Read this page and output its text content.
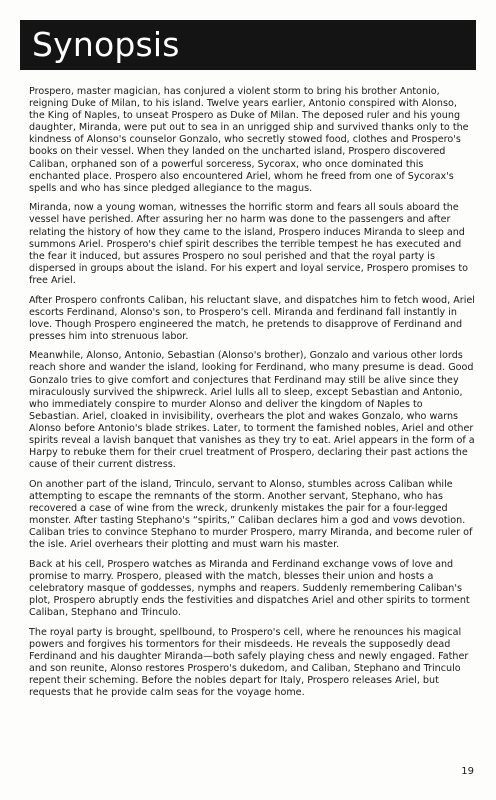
Synopsis

Prospero, master magician, has conjured a violent storm to bring his brother Antonio, reigning Duke of Milan, to his island. Twelve years earlier, Antonio conspired with Alonso, the King of Naples, to unseat Prospero as Duke of Milan. The deposed ruler and his young daughter, Miranda, were put out to sea in an unrigged ship and survived thanks only to the kindness of Alonso's counselor Gonzalo, who secretly stowed food, clothes and Prospero's books on their vessel. When they landed on the uncharted island, Prospero discovered Caliban, orphaned son of a powerful sorceress, Sycorax, who once dominated this enchanted place. Prospero also encountered Ariel, whom he freed from one of Sycorax's spells and who has since pledged allegiance to the magus.

Miranda, now a young woman, witnesses the horrific storm and fears all souls aboard the vessel have perished. After assuring her no harm was done to the passengers and after relating the history of how they came to the island, Prospero induces Miranda to sleep and summons Ariel. Prospero's chief spirit describes the terrible tempest he has executed and the fear it induced, but assures Prospero no soul perished and that the royal party is dispersed in groups about the island. For his expert and loyal service, Prospero promises to free Ariel.

After Prospero confronts Caliban, his reluctant slave, and dispatches him to fetch wood, Ariel escorts Ferdinand, Alonso's son, to Prospero's cell. Miranda and ferdinand fall instantly in love. Though Prospero engineered the match, he pretends to disapprove of Ferdinand and presses him into strenuous labor.

Meanwhile, Alonso, Antonio, Sebastian (Alonso's brother), Gonzalo and various other lords reach shore and wander the island, looking for Ferdinand, who many presume is dead. Good Gonzalo tries to give comfort and conjectures that Ferdinand may still be alive since they miraculously survived the shipwreck. Ariel lulls all to sleep, except Sebastian and Antonio, who immediately conspire to murder Alonso and deliver the kingdom of Naples to Sebastian. Ariel, cloaked in invisibility, overhears the plot and wakes Gonzalo, who warns Alonso before Antonio's blade strikes. Later, to torment the famished nobles, Ariel and other spirits reveal a lavish banquet that vanishes as they try to eat. Ariel appears in the form of a Harpy to rebuke them for their cruel treatment of Prospero, declaring their past actions the cause of their current distress.

On another part of the island, Trinculo, servant to Alonso, stumbles across Caliban while attempting to escape the remnants of the storm. Another servant, Stephano, who has recovered a case of wine from the wreck, drunkenly mistakes the pair for a four-legged monster. After tasting Stephano's “spirits,” Caliban declares him a god and vows devotion. Caliban tries to convince Stephano to murder Prospero, marry Miranda, and become ruler of the isle. Ariel overhears their plotting and must warn his master.

Back at his cell, Prospero watches as Miranda and Ferdinand exchange vows of love and promise to marry. Prospero, pleased with the match, blesses their union and hosts a celebratory masque of goddesses, nymphs and reapers. Suddenly remembering Caliban's plot, Prospero abruptly ends the festivities and dispatches Ariel and other spirits to torment Caliban, Stephano and Trinculo.

The royal party is brought, spellbound, to Prospero's cell, where he renounces his magical powers and forgives his tormentors for their misdeeds. He reveals the supposedly dead Ferdinand and his daughter Miranda—both safely playing chess and newly engaged. Father and son reunite, Alonso restores Prospero's dukedom, and Caliban, Stephano and Trinculo repent their scheming. Before the nobles depart for Italy, Prospero releases Ariel, but requests that he provide calm seas for the voyage home.

19
